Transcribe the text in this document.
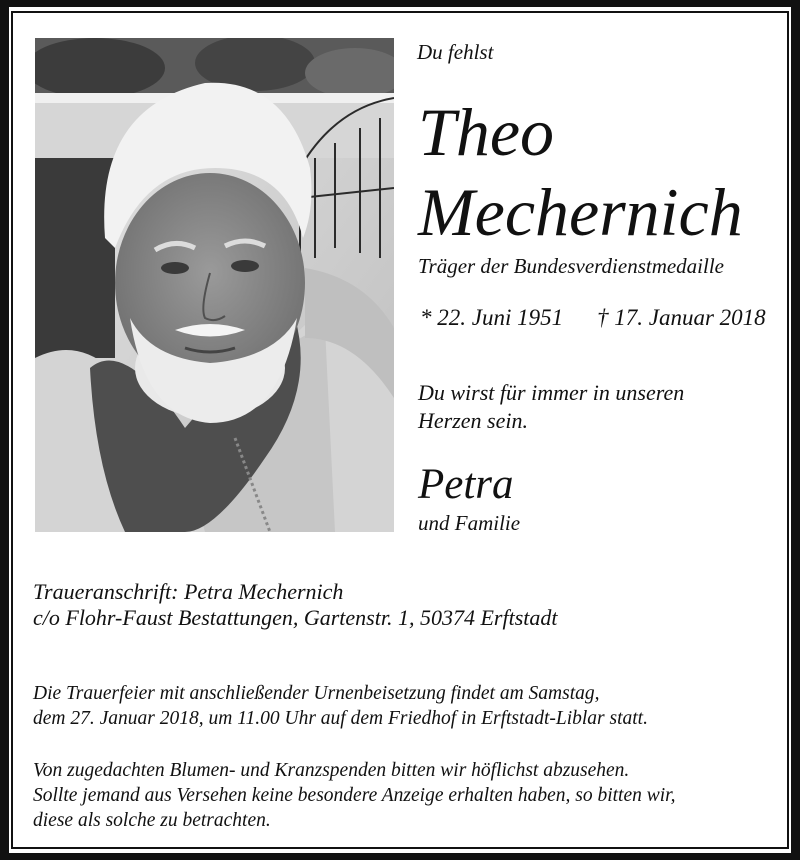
Du fehlst
Theo
Mechernich
Träger der Bundesverdienstmedaille
* 22. Juni 1951 † 17. Januar 2018
Du wirst für immer in unseren
Herzen sein.
Petra
und Familie
Traueranschrift: Petra Mechernich
c/o Flohr-Faust Bestattungen, Gartenstr. 1, 50374 Erftstadt
Die Trauerfeier mit anschließender Urnenbeisetzung findet am Samstag,
dem 27. Januar 2018, um 11.00 Uhr auf dem Friedhof in Erftstadt-Liblar statt.
Von zugedachten Blumen- und Kranzspenden bitten wir höflichst abzusehen.
Sollte jemand aus Versehen keine besondere Anzeige erhalten haben, so bitten wir,
diese als solche zu betrachten.
